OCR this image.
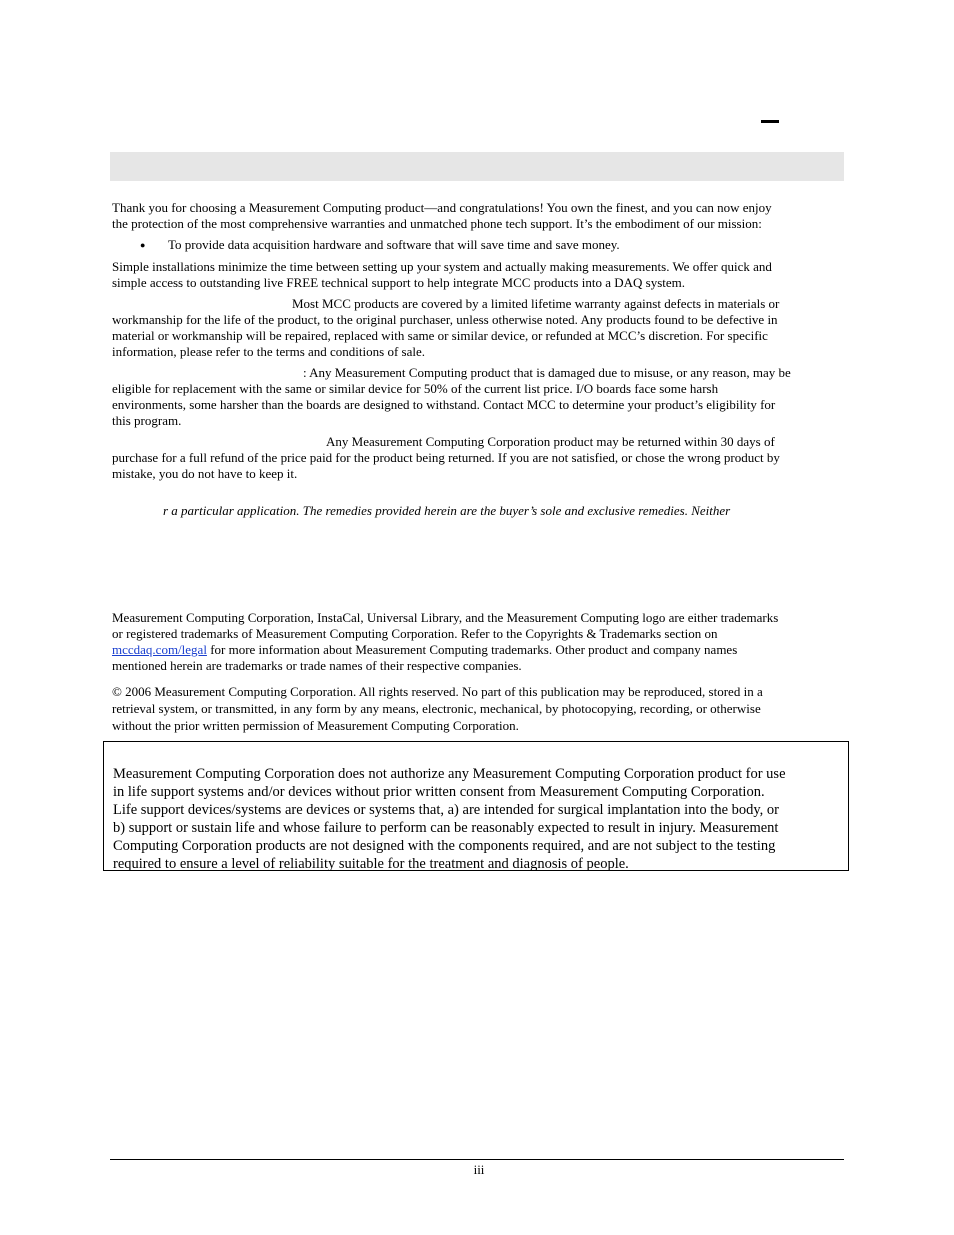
Thank you for choosing a Measurement Computing product—and congratulations! You own the finest, and you can now enjoy
the protection of the most comprehensive warranties and unmatched phone tech support. It’s the embodiment of our mission:

● To provide data acquisition hardware and software that will save time and save money.

Simple installations minimize the time between setting up your system and actually making measurements. We offer quick and
simple access to outstanding live FREE technical support to help integrate MCC products into a DAQ system.

Most MCC products are covered by a limited lifetime warranty against defects in materials or
workmanship for the life of the product, to the original purchaser, unless otherwise noted. Any products found to be defective in
material or workmanship will be repaired, replaced with same or similar device, or refunded at MCC’s discretion. For specific
information, please refer to the terms and conditions of sale.

: Any Measurement Computing product that is damaged due to misuse, or any reason, may be
eligible for replacement with the same or similar device for 50% of the current list price. I/O boards face some harsh
environments, some harsher than the boards are designed to withstand. Contact MCC to determine your product’s eligibility for
this program.

Any Measurement Computing Corporation product may be returned within 30 days of
purchase for a full refund of the price paid for the product being returned. If you are not satisfied, or chose the wrong product by
mistake, you do not have to keep it.

r a particular application. The remedies provided herein are the buyer’s sole and exclusive remedies. Neither

Measurement Computing Corporation, InstaCal, Universal Library, and the Measurement Computing logo are either trademarks
or registered trademarks of Measurement Computing Corporation. Refer to the Copyrights & Trademarks section on
mccdaq.com/legal for more information about Measurement Computing trademarks. Other product and company names
mentioned herein are trademarks or trade names of their respective companies.

© 2006 Measurement Computing Corporation. All rights reserved. No part of this publication may be reproduced, stored in a
retrieval system, or transmitted, in any form by any means, electronic, mechanical, by photocopying, recording, or otherwise
without the prior written permission of Measurement Computing Corporation.

Measurement Computing Corporation does not authorize any Measurement Computing Corporation product for use
in life support systems and/or devices without prior written consent from Measurement Computing Corporation.
Life support devices/systems are devices or systems that, a) are intended for surgical implantation into the body, or
b) support or sustain life and whose failure to perform can be reasonably expected to result in injury. Measurement
Computing Corporation products are not designed with the components required, and are not subject to the testing
required to ensure a level of reliability suitable for the treatment and diagnosis of people.

iii
